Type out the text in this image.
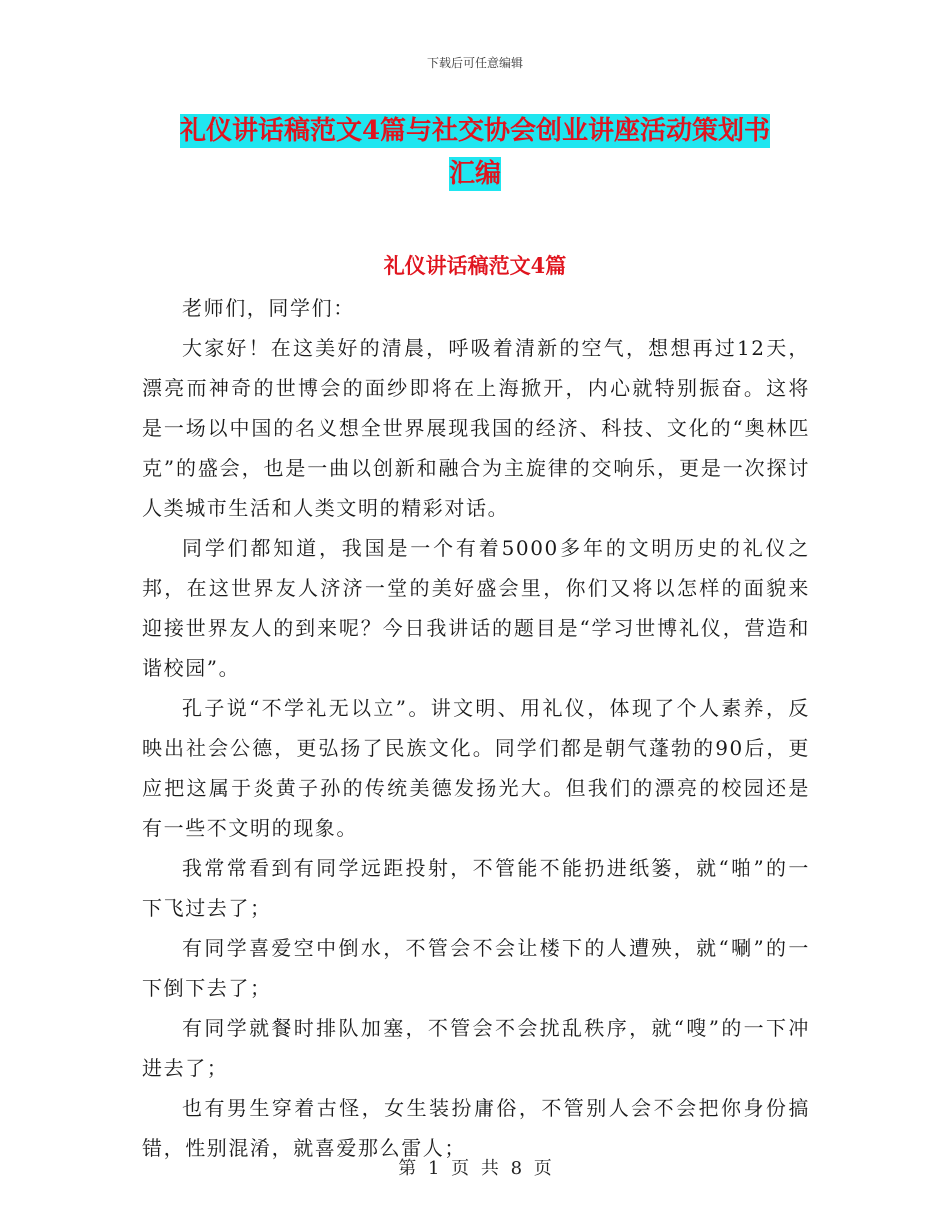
下载后可任意编辑
礼仪讲话稿范文4篇与社交协会创业讲座活动策划书
汇编
礼仪讲话稿范文4篇

老师们，同学们：

大家好！在这美好的清晨，呼吸着清新的空气，想想再过12天，漂亮而神奇的世博会的面纱即将在上海掀开，内心就特别振奋。这将是一场以中国的名义想全世界展现我国的经济、科技、文化的“奥林匹克”的盛会，也是一曲以创新和融合为主旋律的交响乐，更是一次探讨人类城市生活和人类文明的精彩对话。

同学们都知道，我国是一个有着5000多年的文明历史的礼仪之邦，在这世界友人济济一堂的美好盛会里，你们又将以怎样的面貌来迎接世界友人的到来呢？今日我讲话的题目是“学习世博礼仪，营造和谐校园”。

孔子说“不学礼无以立”。讲文明、用礼仪，体现了个人素养，反映出社会公德，更弘扬了民族文化。同学们都是朝气蓬勃的90后，更应把这属于炎黄子孙的传统美德发扬光大。但我们的漂亮的校园还是有一些不文明的现象。

我常常看到有同学远距投射，不管能不能扔进纸篓，就“啪”的一下飞过去了；

有同学喜爱空中倒水，不管会不会让楼下的人遭殃，就“唰”的一下倒下去了；

有同学就餐时排队加塞，不管会不会扰乱秩序，就“嗖”的一下冲进去了；

也有男生穿着古怪，女生装扮庸俗，不管别人会不会把你身份搞错，性别混淆，就喜爱那么雷人；

第 1 页 共 8 页
